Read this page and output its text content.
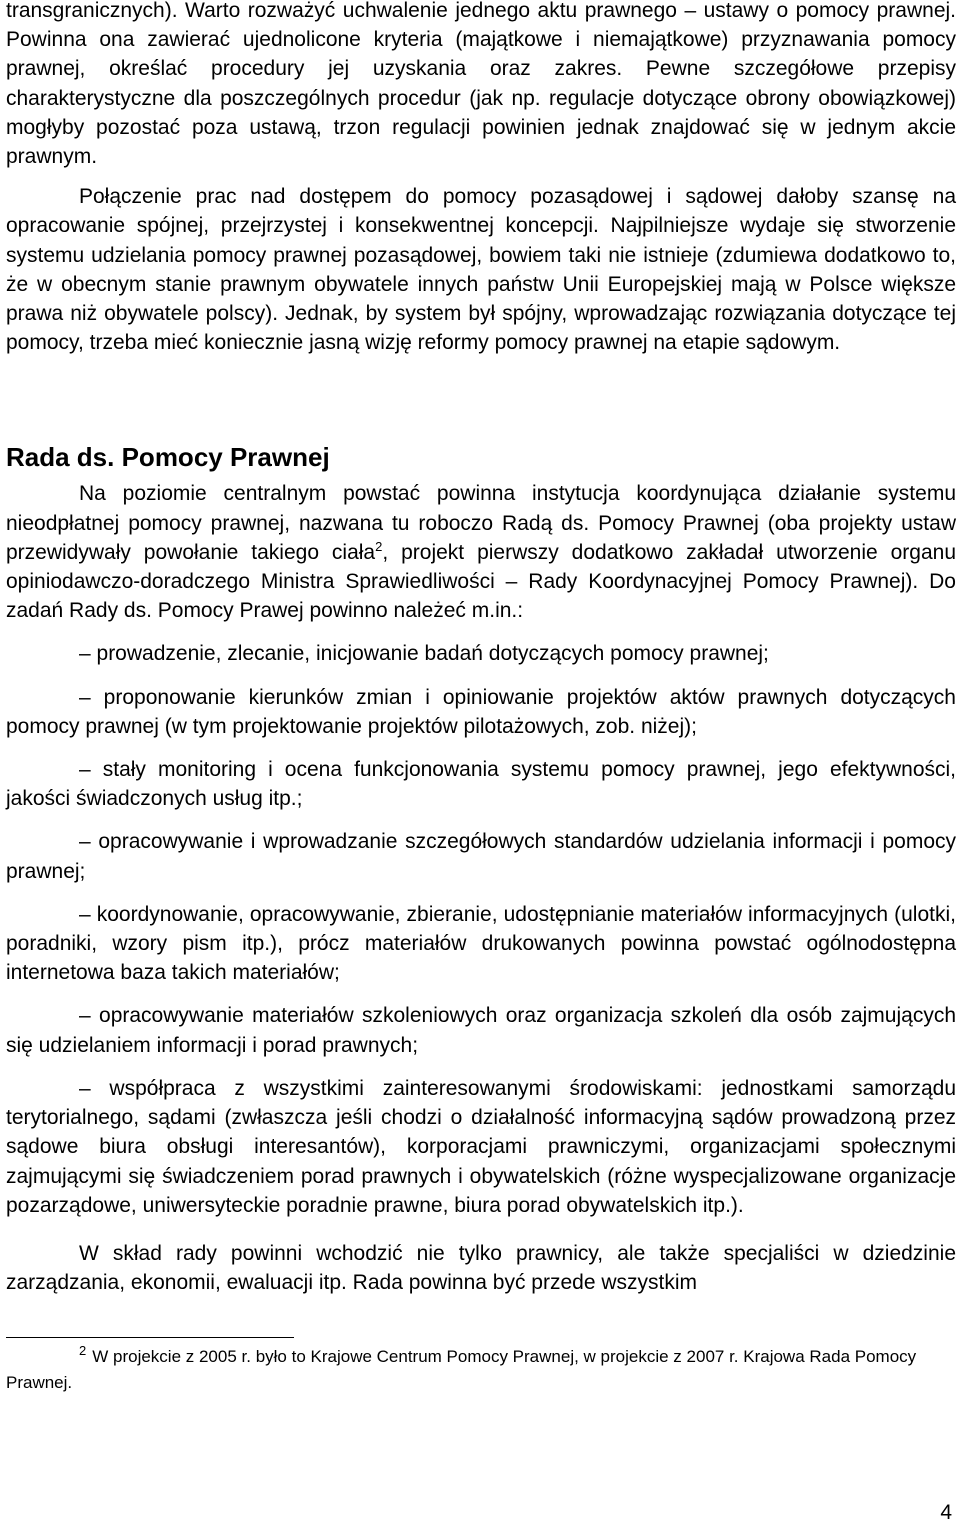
transgranicznych). Warto rozważyć uchwalenie jednego aktu prawnego – ustawy o pomocy prawnej. Powinna ona zawierać ujednolicone kryteria (majątkowe i niemajątkowe) przyznawania pomocy prawnej, określać procedury jej uzyskania oraz zakres. Pewne szczegółowe przepisy charakterystyczne dla poszczególnych procedur (jak np. regulacje dotyczące obrony obowiązkowej) mogłyby pozostać poza ustawą, trzon regulacji powinien jednak znajdować się w jednym akcie prawnym.

Połączenie prac nad dostępem do pomocy pozasądowej i sądowej dałoby szansę na opracowanie spójnej, przejrzystej i konsekwentnej koncepcji. Najpilniejsze wydaje się stworzenie systemu udzielania pomocy prawnej pozasądowej, bowiem taki nie istnieje (zdumiewa dodatkowo to, że w obecnym stanie prawnym obywatele innych państw Unii Europejskiej mają w Polsce większe prawa niż obywatele polscy). Jednak, by system był spójny, wprowadzając rozwiązania dotyczące tej pomocy, trzeba mieć koniecznie jasną wizję reformy pomocy prawnej na etapie sądowym.

Rada ds. Pomocy Prawnej

Na poziomie centralnym powstać powinna instytucja koordynująca działanie systemu nieodpłatnej pomocy prawnej, nazwana tu roboczo Radą ds. Pomocy Prawnej (oba projekty ustaw przewidywały powołanie takiego ciała$^2$, projekt pierwszy dodatkowo zakładał utworzenie organu opiniodawczo-doradczego Ministra Sprawiedliwości – Rady Koordynacyjnej Pomocy Prawnej). Do zadań Rady ds. Pomocy Prawej powinno należeć m.in.:

– prowadzenie, zlecanie, inicjowanie badań dotyczących pomocy prawnej;

– proponowanie kierunków zmian i opiniowanie projektów aktów prawnych dotyczących pomocy prawnej (w tym projektowanie projektów pilotażowych, zob. niżej);

– stały monitoring i ocena funkcjonowania systemu pomocy prawnej, jego efektywności, jakości świadczonych usług itp.;

– opracowywanie i wprowadzanie szczegółowych standardów udzielania informacji i pomocy prawnej;

– koordynowanie, opracowywanie, zbieranie, udostępnianie materiałów informacyjnych (ulotki, poradniki, wzory pism itp.), prócz materiałów drukowanych powinna powstać ogólnodostępna internetowa baza takich materiałów;

– opracowywanie materiałów szkoleniowych oraz organizacja szkoleń dla osób zajmujących się udzielaniem informacji i porad prawnych;

– współpraca z wszystkimi zainteresowanymi środowiskami: jednostkami samorządu terytorialnego, sądami (zwłaszcza jeśli chodzi o działalność informacyjną sądów prowadzoną przez sądowe biura obsługi interesantów), korporacjami prawniczymi, organizacjami społecznymi zajmującymi się świadczeniem porad prawnych i obywatelskich (różne wyspecjalizowane organizacje pozarządowe, uniwersyteckie poradnie prawne, biura porad obywatelskich itp.).

W skład rady powinni wchodzić nie tylko prawnicy, ale także specjaliści w dziedzinie zarządzania, ekonomii, ewaluacji itp. Rada powinna być przede wszystkim

$^2$ W projekcie z 2005 r. było to Krajowe Centrum Pomocy Prawnej, w projekcie z 2007 r. Krajowa Rada Pomocy Prawnej.

4
